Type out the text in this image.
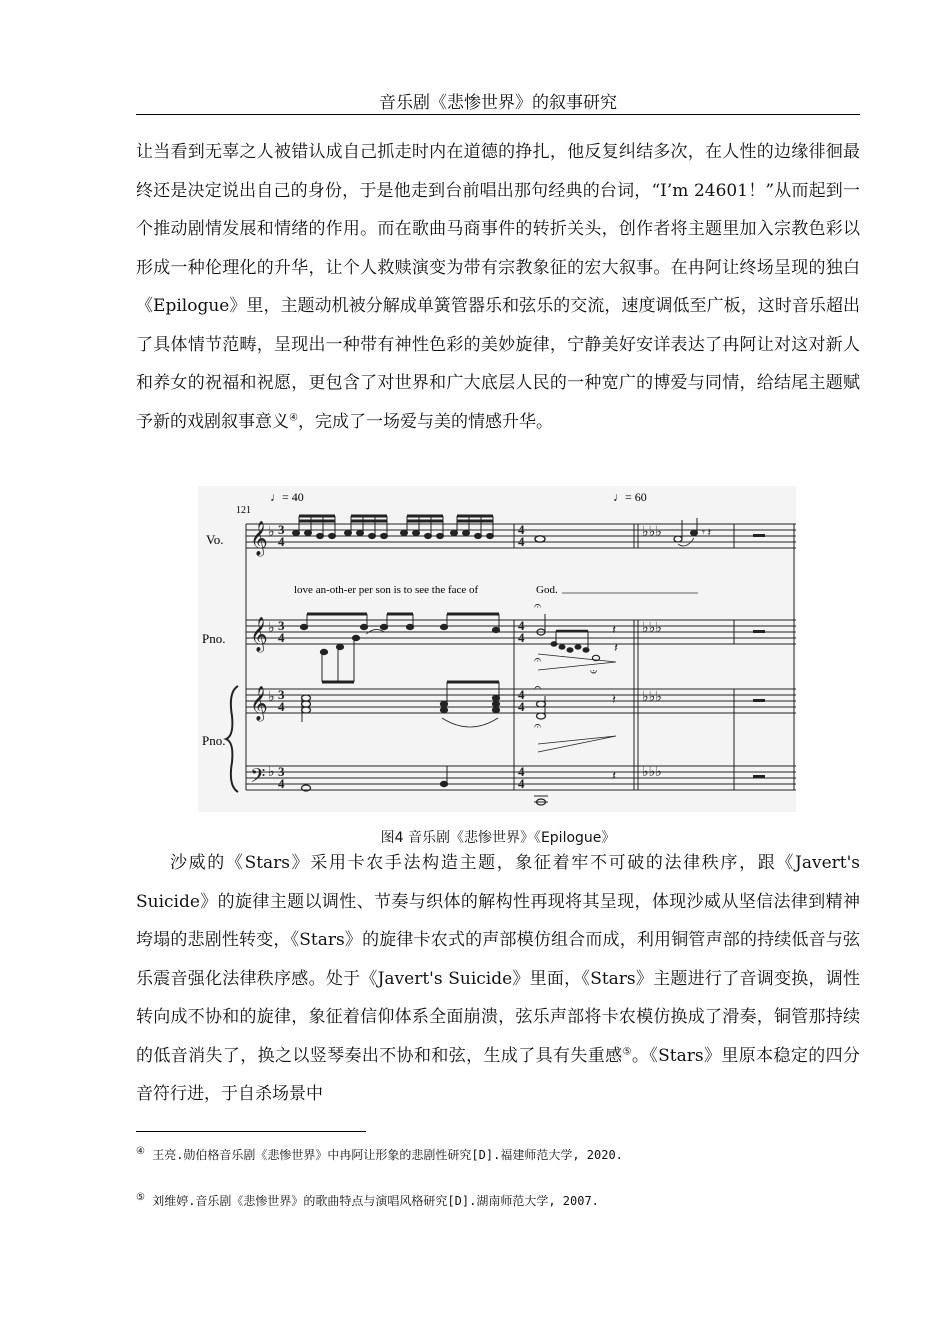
音乐剧《悲惨世界》的叙事研究
让当看到无辜之人被错认成自己抓走时内在道德的挣扎，他反复纠结多次，在人性的边缘徘徊最终还是决定说出自己的身份，于是他走到台前唱出那句经典的台词，“I’m 24601！”从而起到一个推动剧情发展和情绪的作用。而在歌曲马商事件的转折关头，创作者将主题里加入宗教色彩以形成一种伦理化的升华，让个人救赎演变为带有宗教象征的宏大叙事。在冉阿让终场呈现的独白《Epilogue》里，主题动机被分解成单簧管器乐和弦乐的交流，速度调低至广板，这时音乐超出了具体情节范畴，呈现出一种带有神性色彩的美妙旋律，宁静美好安详表达了冉阿让对这对新人和养女的祝福和祝愿，更包含了对世界和广大底层人民的一种宽广的博爱与同情，给结尾主题赋予新的戏剧叙事意义④，完成了一场爱与美的情感升华。
♩= 40	♩= 60
121
Vo.
Pno.
Pno.
𝄞
𝄞
𝄞
𝄢
♭
♭
♭
♭
♭♭♭
♭♭♭
♭♭♭
♭♭♭
3
4
3
4
3
4
3
4
4
4
4
4
4
4
4
4
𝄾 𝄽
love an-oth-er per son is to see the face of	God.
𝄐
𝄑
𝄐
𝄽
𝄽
𝄐
𝄐
𝄽
𝄽
图4 音乐剧《悲惨世界》《Epilogue》
沙威的《Stars》采用卡农手法构造主题，象征着牢不可破的法律秩序，跟《Javert's Suicide》的旋律主题以调性、节奏与织体的解构性再现将其呈现，体现沙威从坚信法律到精神垮塌的悲剧性转变，《Stars》的旋律卡农式的声部模仿组合而成，利用铜管声部的持续低音与弦乐震音强化法律秩序感。处于《Javert's Suicide》里面，《Stars》主题进行了音调变换，调性转向成不协和的旋律，象征着信仰体系全面崩溃，弦乐声部将卡农模仿换成了滑奏，铜管那持续的低音消失了，换之以竖琴奏出不协和和弦，生成了具有失重感⑤。《Stars》里原本稳定的四分音符行进，于自杀场景中
④ 王亮.勋伯格音乐剧《悲惨世界》中冉阿让形象的悲剧性研究[D].福建师范大学, 2020.
⑤ 刘维婷.音乐剧《悲惨世界》的歌曲特点与演唱风格研究[D].湖南师范大学, 2007.
